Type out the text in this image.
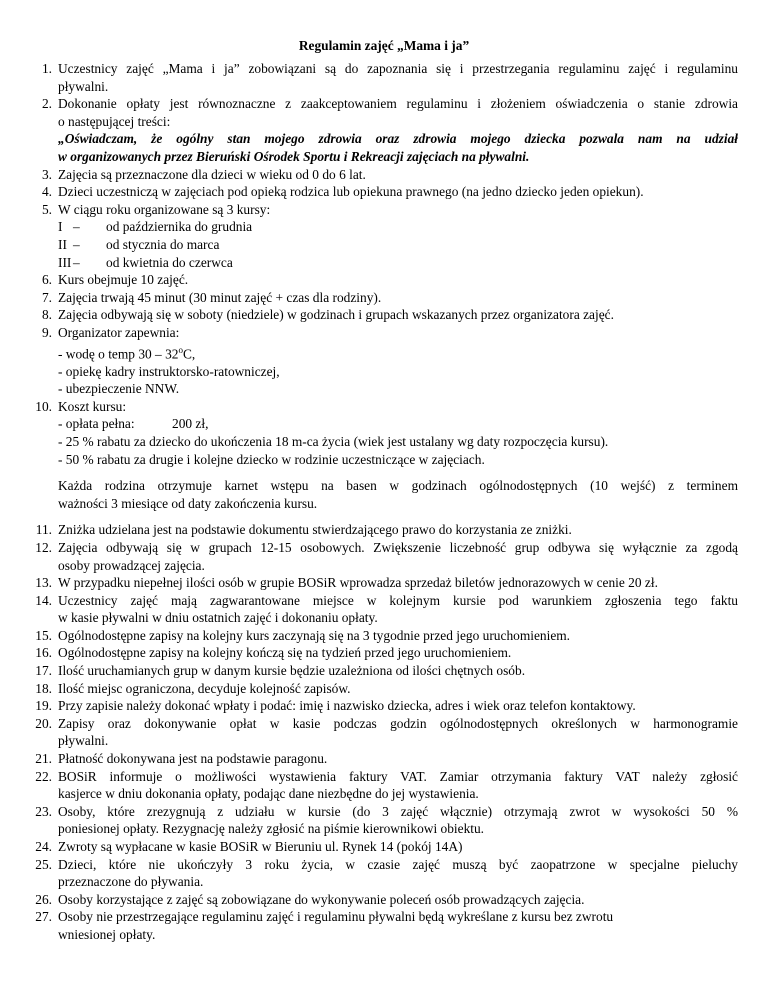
Regulamin zajęć „Mama i ja”
1. Uczestnicy zajęć „Mama i ja” zobowiązani są do zapoznania się i przestrzegania regulaminu zajęć i regulaminu
pływalni.
2. Dokonanie opłaty jest równoznaczne z zaakceptowaniem regulaminu i złożeniem oświadczenia o stanie zdrowia
o następującej treści:
„Oświadczam, że ogólny stan mojego zdrowia oraz zdrowia mojego dziecka pozwala nam na udział
w organizowanych przez Bieruński Ośrodek Sportu i Rekreacji zajęciach na pływalni.
3. Zajęcia są przeznaczone dla dzieci w wieku od 0 do 6 lat.
4. Dzieci uczestniczą w zajęciach pod opieką rodzica lub opiekuna prawnego (na jedno dziecko jeden opiekun).
5. W ciągu roku organizowane są 3 kursy:
I –	od października do grudnia
II –	od stycznia do marca
III –	od kwietnia do czerwca
6. Kurs obejmuje 10 zajęć.
7. Zajęcia trwają 45 minut (30 minut zajęć + czas dla rodziny).
8. Zajęcia odbywają się w soboty (niedziele) w godzinach i grupach wskazanych przez organizatora zajęć.
9. Organizator zapewnia:
- wodę o temp 30 – 32$^o$C,
- opiekę kadry instruktorsko-ratowniczej,
- ubezpieczenie NNW.
10. Koszt kursu:
- opłata pełna:	200 zł,
- 25 % rabatu za dziecko do ukończenia 18 m-ca życia (wiek jest ustalany wg daty rozpoczęcia kursu).
- 50 % rabatu za drugie i kolejne dziecko w rodzinie uczestniczące w zajęciach.
Każda rodzina otrzymuje karnet wstępu na basen w godzinach ogólnodostępnych (10 wejść) z terminem
ważności 3 miesiące od daty zakończenia kursu.
11. Zniżka udzielana jest na podstawie dokumentu stwierdzającego prawo do korzystania ze zniżki.
12. Zajęcia odbywają się w grupach 12-15 osobowych. Zwiększenie liczebność grup odbywa się wyłącznie za zgodą
osoby prowadzącej zajęcia.
13. W przypadku niepełnej ilości osób w grupie BOSiR wprowadza sprzedaż biletów jednorazowych w cenie 20 zł.
14. Uczestnicy zajęć mają zagwarantowane miejsce w kolejnym kursie pod warunkiem zgłoszenia tego faktu
w kasie pływalni w dniu ostatnich zajęć i dokonaniu opłaty.
15. Ogólnodostępne zapisy na kolejny kurs zaczynają się na 3 tygodnie przed jego uruchomieniem.
16. Ogólnodostępne zapisy na kolejny kończą się na tydzień przed jego uruchomieniem.
17. Ilość uruchamianych grup w danym kursie będzie uzależniona od ilości chętnych osób.
18. Ilość miejsc ograniczona, decyduje kolejność zapisów.
19. Przy zapisie należy dokonać wpłaty i podać: imię i nazwisko dziecka, adres i wiek oraz telefon kontaktowy.
20. Zapisy oraz dokonywanie opłat w kasie podczas godzin ogólnodostępnych określonych w harmonogramie
pływalni.
21. Płatność dokonywana jest na podstawie paragonu.
22. BOSiR informuje o możliwości wystawienia faktury VAT. Zamiar otrzymania faktury VAT należy zgłosić
kasjerce w dniu dokonania opłaty, podając dane niezbędne do jej wystawienia.
23. Osoby, które zrezygnują z udziału w kursie (do 3 zajęć włącznie) otrzymają zwrot w wysokości 50 %
poniesionej opłaty. Rezygnację należy zgłosić na piśmie kierownikowi obiektu.
24. Zwroty są wypłacane w kasie BOSiR w Bieruniu ul. Rynek 14 (pokój 14A)
25. Dzieci, które nie ukończyły 3 roku życia, w czasie zajęć muszą być zaopatrzone w specjalne pieluchy
przeznaczone do pływania.
26. Osoby korzystające z zajęć są zobowiązane do wykonywanie poleceń osób prowadzących zajęcia.
27. Osoby nie przestrzegające regulaminu zajęć i regulaminu pływalni będą wykreślane z kursu bez zwrotu
wniesionej opłaty.
